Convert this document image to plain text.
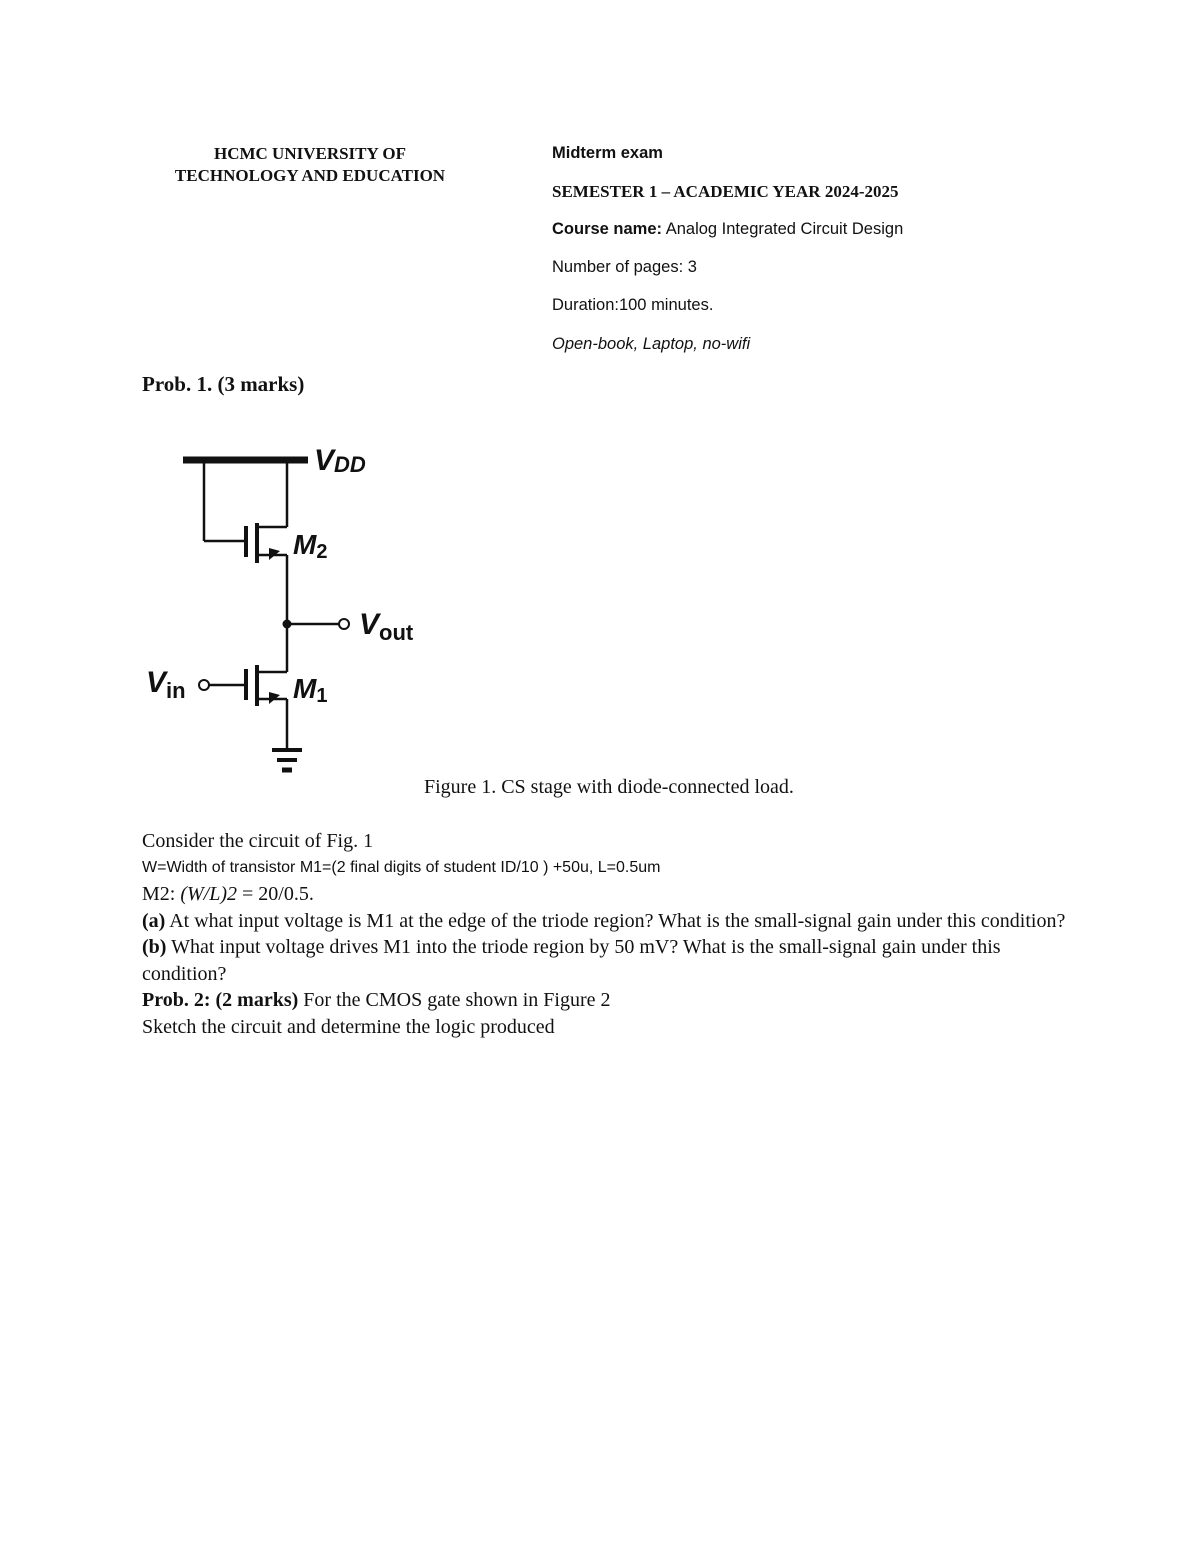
HCMC UNIVERSITY OF
TECHNOLOGY AND EDUCATION
Midterm exam
SEMESTER 1 – ACADEMIC YEAR 2024-2025
Course name: Analog Integrated Circuit Design
Number of pages: 3
Duration:100 minutes.
Open-book, Laptop, no-wifi
Prob. 1. (3 marks)
VDD
M2
$V_{out}$
$V_{in}$	M1
Figure 1. CS stage with diode-connected load.
Consider the circuit of Fig. 1
W=Width of transistor M1=(2 final digits of student ID/10 ) +50u, L=0.5um
M2: (W/L)2 = 20/0.5.
(a) At what input voltage is M1 at the edge of the triode region? What is the small-signal gain under this condition?
(b) What input voltage drives M1 into the triode region by 50 mV? What is the small-signal gain under this condition?
Prob. 2: (2 marks) For the CMOS gate shown in Figure 2
Sketch the circuit and determine the logic produced
